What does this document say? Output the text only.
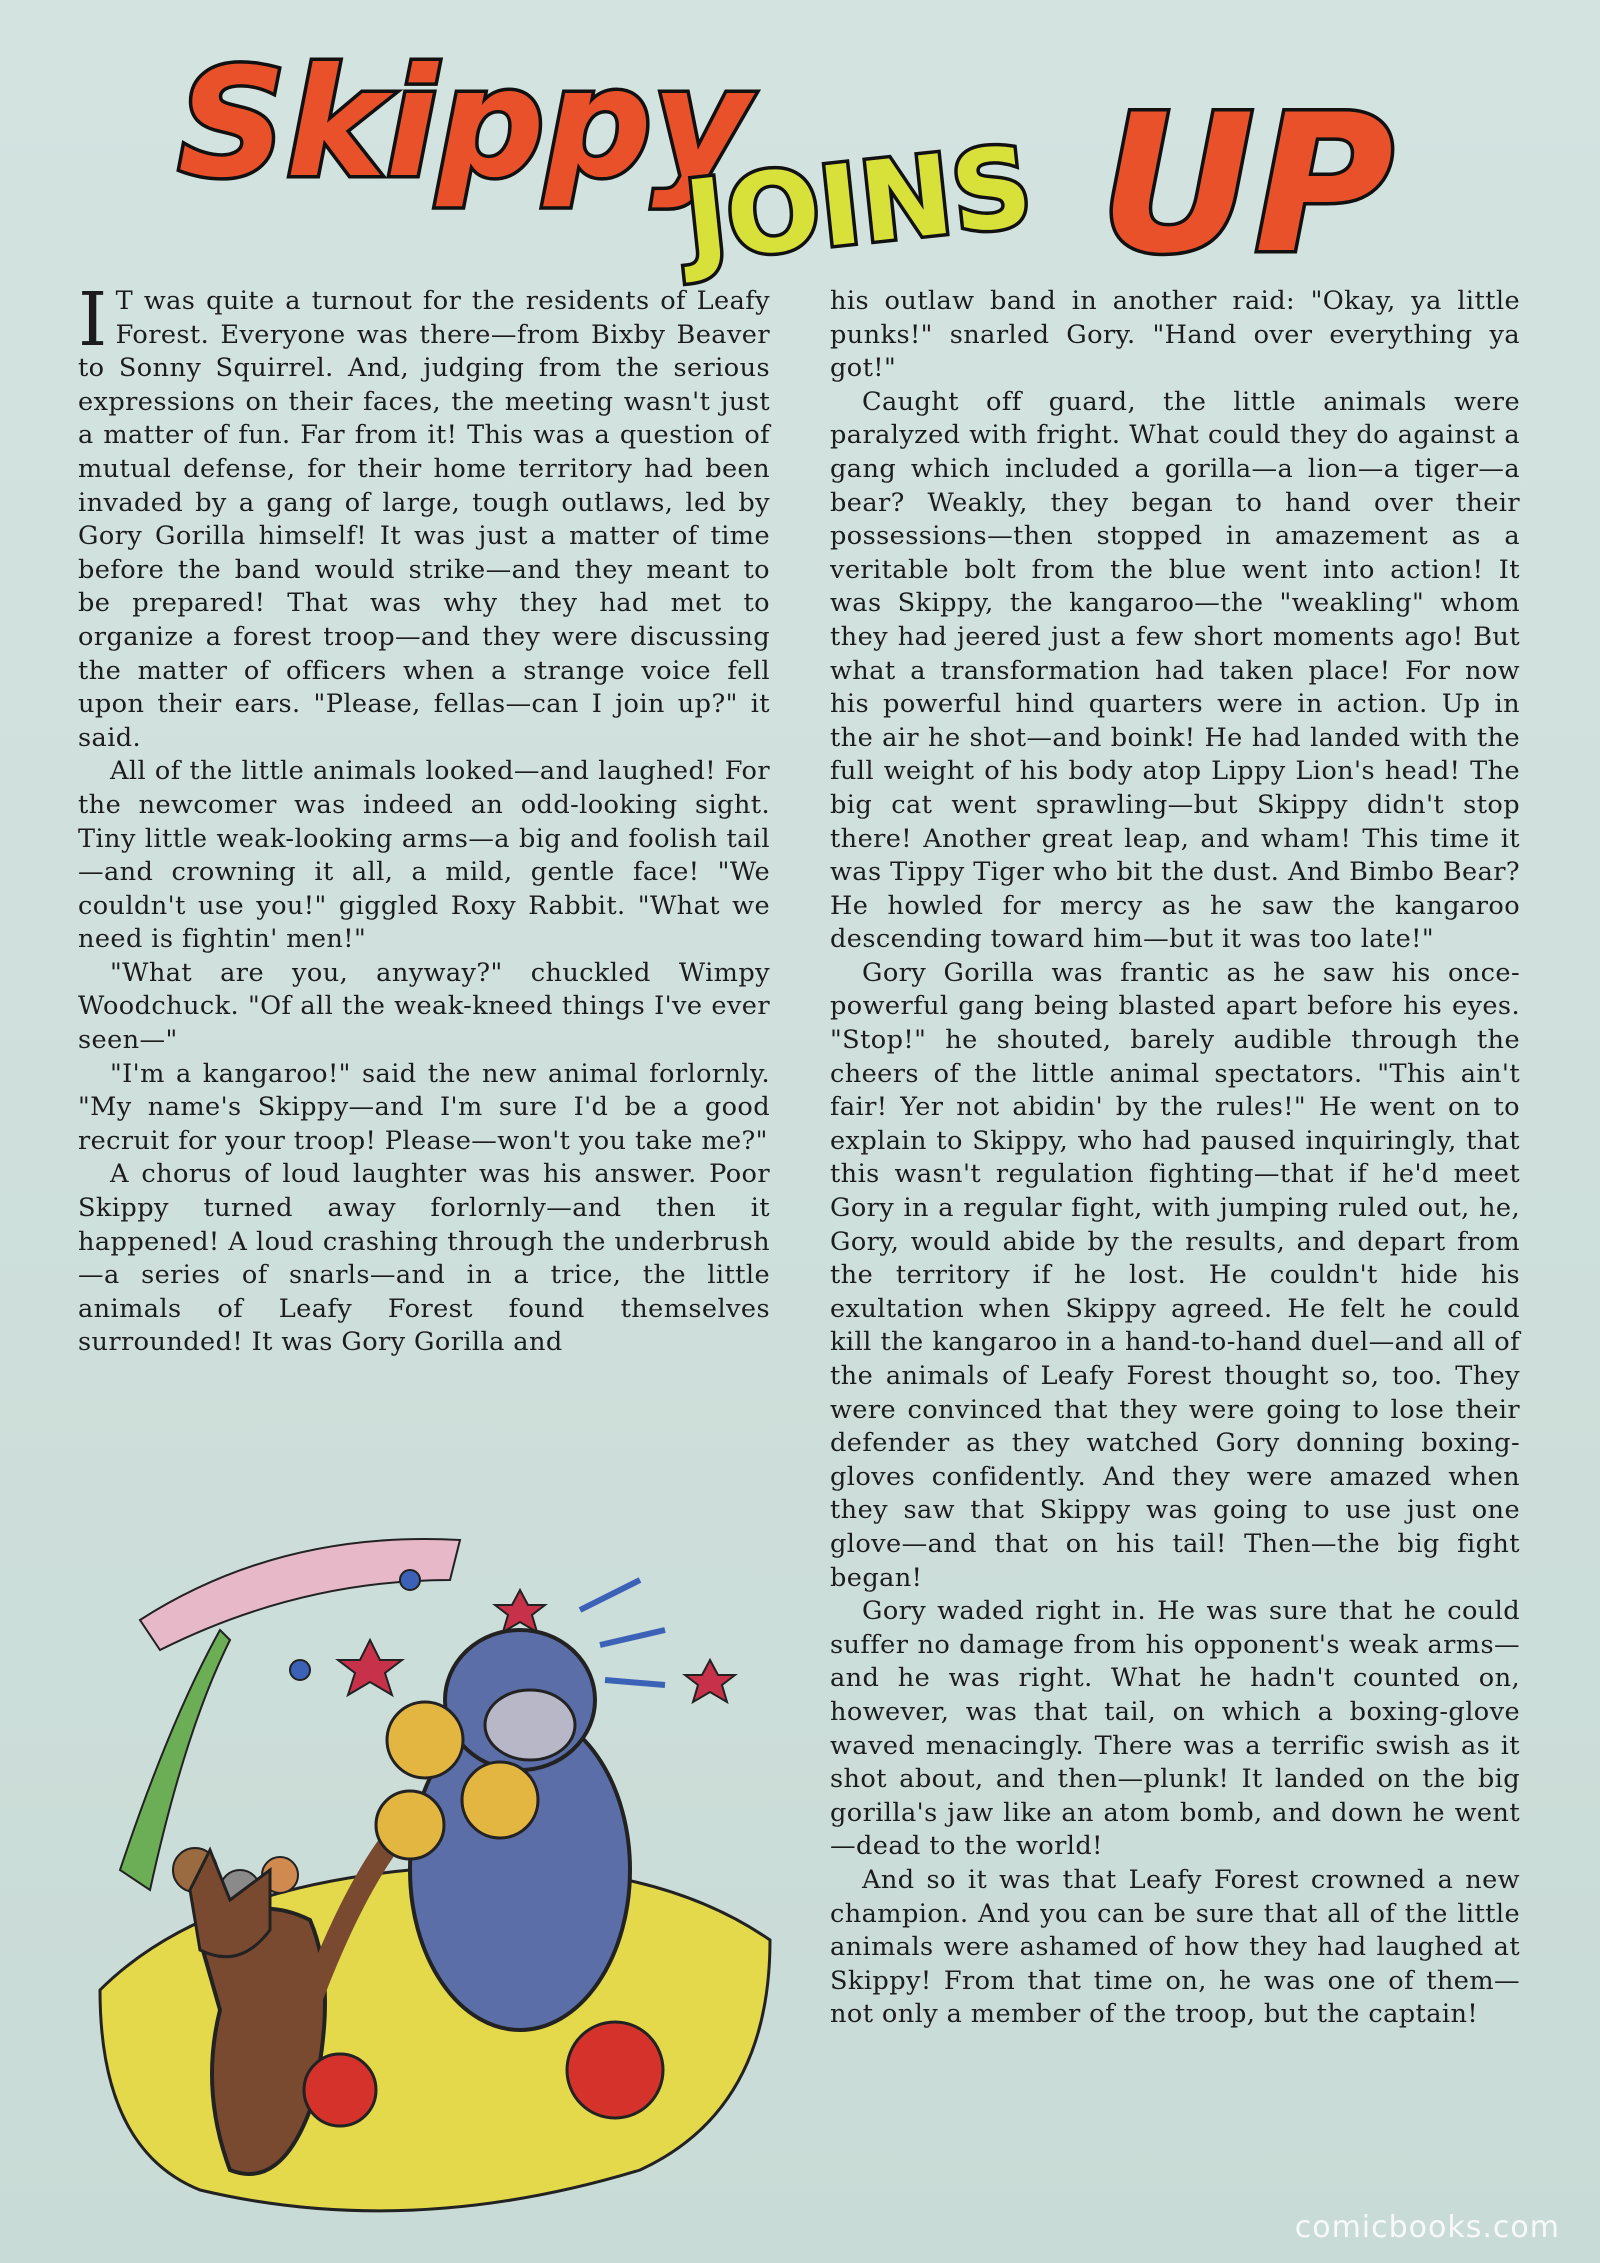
Skippy
JOINS UP

I T was quite a turnout for the residents of Leafy Forest. Everyone was there—from Bixby Beaver to Sonny Squirrel. And, judging from the serious expressions on their faces, the meeting wasn't just a matter of fun. Far from it! This was a question of mutual defense, for their home territory had been invaded by a gang of large, tough outlaws, led by Gory Gorilla himself! It was just a matter of time before the band would strike—and they meant to be prepared! That was why they had met to organize a forest troop—and they were discussing the matter of officers when a strange voice fell upon their ears. "Please, fellas—can I join up?" it said.

All of the little animals looked—and laughed! For the newcomer was indeed an odd-looking sight. Tiny little weak-looking arms—a big and foolish tail—and crowning it all, a mild, gentle face! "We couldn't use you!" giggled Roxy Rabbit. "What we need is fightin' men!"

"What are you, anyway?" chuckled Wimpy Woodchuck. "Of all the weak-kneed things I've ever seen—"

"I'm a kangaroo!" said the new animal forlornly. "My name's Skippy—and I'm sure I'd be a good recruit for your troop! Please—won't you take me?"

A chorus of loud laughter was his answer. Poor Skippy turned away forlornly—and then it happened! A loud crashing through the underbrush—a series of snarls—and in a trice, the little animals of Leafy Forest found themselves surrounded! It was Gory Gorilla and

his outlaw band in another raid: "Okay, ya little punks!" snarled Gory. "Hand over everything ya got!"

Caught off guard, the little animals were paralyzed with fright. What could they do against a gang which included a gorilla—a lion—a tiger—a bear? Weakly, they began to hand over their possessions—then stopped in amazement as a veritable bolt from the blue went into action! It was Skippy, the kangaroo—the "weakling" whom they had jeered just a few short moments ago! But what a transformation had taken place! For now his powerful hind quarters were in action. Up in the air he shot—and boink! He had landed with the full weight of his body atop Lippy Lion's head! The big cat went sprawling—but Skippy didn't stop there! Another great leap, and wham! This time it was Tippy Tiger who bit the dust. And Bimbo Bear? He howled for mercy as he saw the kangaroo descending toward him—but it was too late!"

Gory Gorilla was frantic as he saw his once-powerful gang being blasted apart before his eyes. "Stop!" he shouted, barely audible through the cheers of the little animal spectators. "This ain't fair! Yer not abidin' by the rules!" He went on to explain to Skippy, who had paused inquiringly, that this wasn't regulation fighting—that if he'd meet Gory in a regular fight, with jumping ruled out, he, Gory, would abide by the results, and depart from the territory if he lost. He couldn't hide his exultation when Skippy agreed. He felt he could kill the kangaroo in a hand-to-hand duel—and all of the animals of Leafy Forest thought so, too. They were convinced that they were going to lose their defender as they watched Gory donning boxing-gloves confidently. And they were amazed when they saw that Skippy was going to use just one glove—and that on his tail! Then—the big fight began!

Gory waded right in. He was sure that he could suffer no damage from his opponent's weak arms—and he was right. What he hadn't counted on, however, was that tail, on which a boxing-glove waved menacingly. There was a terrific swish as it shot about, and then—plunk! It landed on the big gorilla's jaw like an atom bomb, and down he went—dead to the world!

And so it was that Leafy Forest crowned a new champion. And you can be sure that all of the little animals were ashamed of how they had laughed at Skippy! From that time on, he was one of them—not only a member of the troop, but the captain!

comicbooks.com
